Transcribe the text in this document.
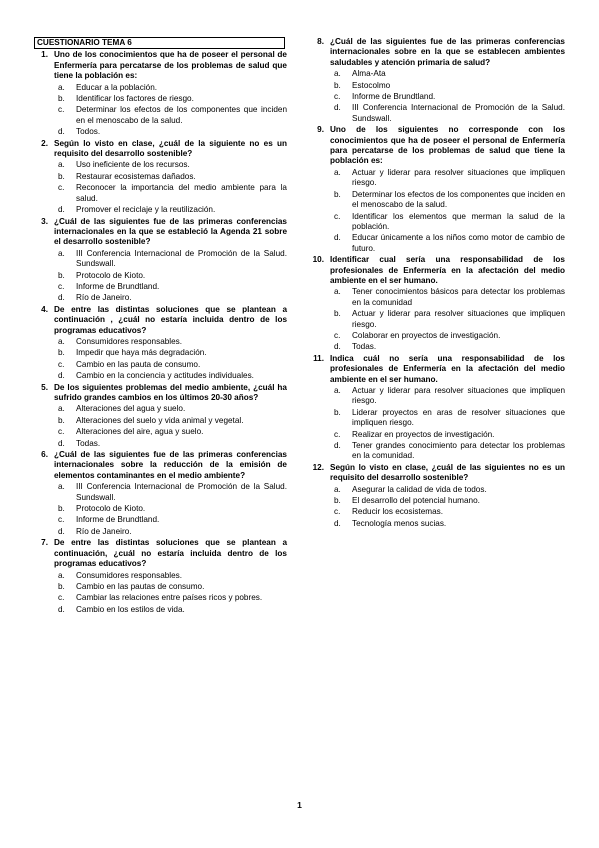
CUESTIONARIO TEMA 6
1. Uno de los conocimientos que ha de poseer el personal de Enfermería para percatarse de los problemas de salud que tiene la población es:
a.	Educar a la población.
b.	Identificar los factores de riesgo.
c.	Determinar los efectos de los componentes que inciden en el menoscabo de la salud.
d.	Todos.
2. Según lo visto en clase, ¿cuál de la siguiente no es un requisito del desarrollo sostenible?
a.	Uso ineficiente de los recursos.
b.	Restaurar ecosistemas dañados.
c.	Reconocer la importancia del medio ambiente para la salud.
d.	Promover el reciclaje y la reutilización.
3. ¿Cuál de las siguientes fue de las primeras conferencias internacionales en la que se estableció la Agenda 21 sobre el desarrollo sostenible?
a.	III Conferencia Internacional de Promoción de la Salud. Sundswall.
b.	Protocolo de Kioto.
c.	Informe de Brundtland.
d.	Río de Janeiro.
4. De entre las distintas soluciones que se plantean a continuación , ¿cuál no estaría incluida dentro de los programas educativos?
a.	Consumidores responsables.
b.	Impedir que haya más degradación.
c.	Cambio en las pauta de consumo.
d.	Cambio en la conciencia y actitudes individuales.
5. De los siguientes problemas del medio ambiente, ¿cuál ha sufrido grandes cambios en los últimos 20-30 años?
a.	Alteraciones del agua y suelo.
b.	Alteraciones del suelo y vida animal y vegetal.
c.	Alteraciones del aire, agua y suelo.
d.	Todas.
6. ¿Cuál de las siguientes fue de las primeras conferencias internacionales sobre la reducción de la emisión de elementos contaminantes en el medio ambiente?
a.	III Conferencia Internacional de Promoción de la Salud. Sundswall.
b.	Protocolo de Kioto.
c.	Informe de Brundtland.
d.	Río de Janeiro.
7. De entre las distintas soluciones que se plantean a continuación, ¿cuál no estaría incluida dentro de los programas educativos?
a.	Consumidores responsables.
b.	Cambio en las pautas de consumo.
c.	Cambiar las relaciones entre países ricos y pobres.
d.	Cambio en los estilos de vida.
8. ¿Cuál de las siguientes fue de las primeras conferencias internacionales sobre en la que se establecen ambientes saludables y atención primaria de salud?
a.	Alma-Ata
b.	Estocolmo
c.	Informe de Brundtland.
d.	III Conferencia Internacional de Promoción de la Salud. Sundswall.
9. Uno de los siguientes no corresponde con los conocimientos que ha de poseer el personal de Enfermería para percatarse de los problemas de salud que tiene la población es:
a.	Actuar y liderar para resolver situaciones que impliquen riesgo.
b.	Determinar los efectos de los componentes que inciden en el menoscabo de la salud.
c.	Identificar los elementos que merman la salud de la población.
d.	Educar únicamente a los niños como motor de cambio de futuro.
10. Identificar cual sería una responsabilidad de los profesionales de Enfermería en la afectación del medio ambiente en el ser humano.
a.	Tener conocimientos básicos para detectar los problemas en la comunidad
b.	Actuar y liderar para resolver situaciones que impliquen riesgo.
c.	Colaborar en proyectos de investigación.
d.	Todas.
11. Indica cuál no sería una responsabilidad de los profesionales de Enfermería en la afectación del medio ambiente en el ser humano.
a.	Actuar y liderar para resolver situaciones que impliquen riesgo.
b.	Liderar proyectos en aras de resolver situaciones que impliquen riesgo.
c.	Realizar en proyectos de investigación.
d.	Tener grandes conocimiento para detectar los problemas en la comunidad.
12. Según lo visto en clase, ¿cuál de las siguientes no es un requisito del desarrollo sostenible?
a.	Asegurar la calidad de vida de todos.
b.	El desarrollo del potencial humano.
c.	Reducir los ecosistemas.
d.	Tecnología menos sucias.
1
